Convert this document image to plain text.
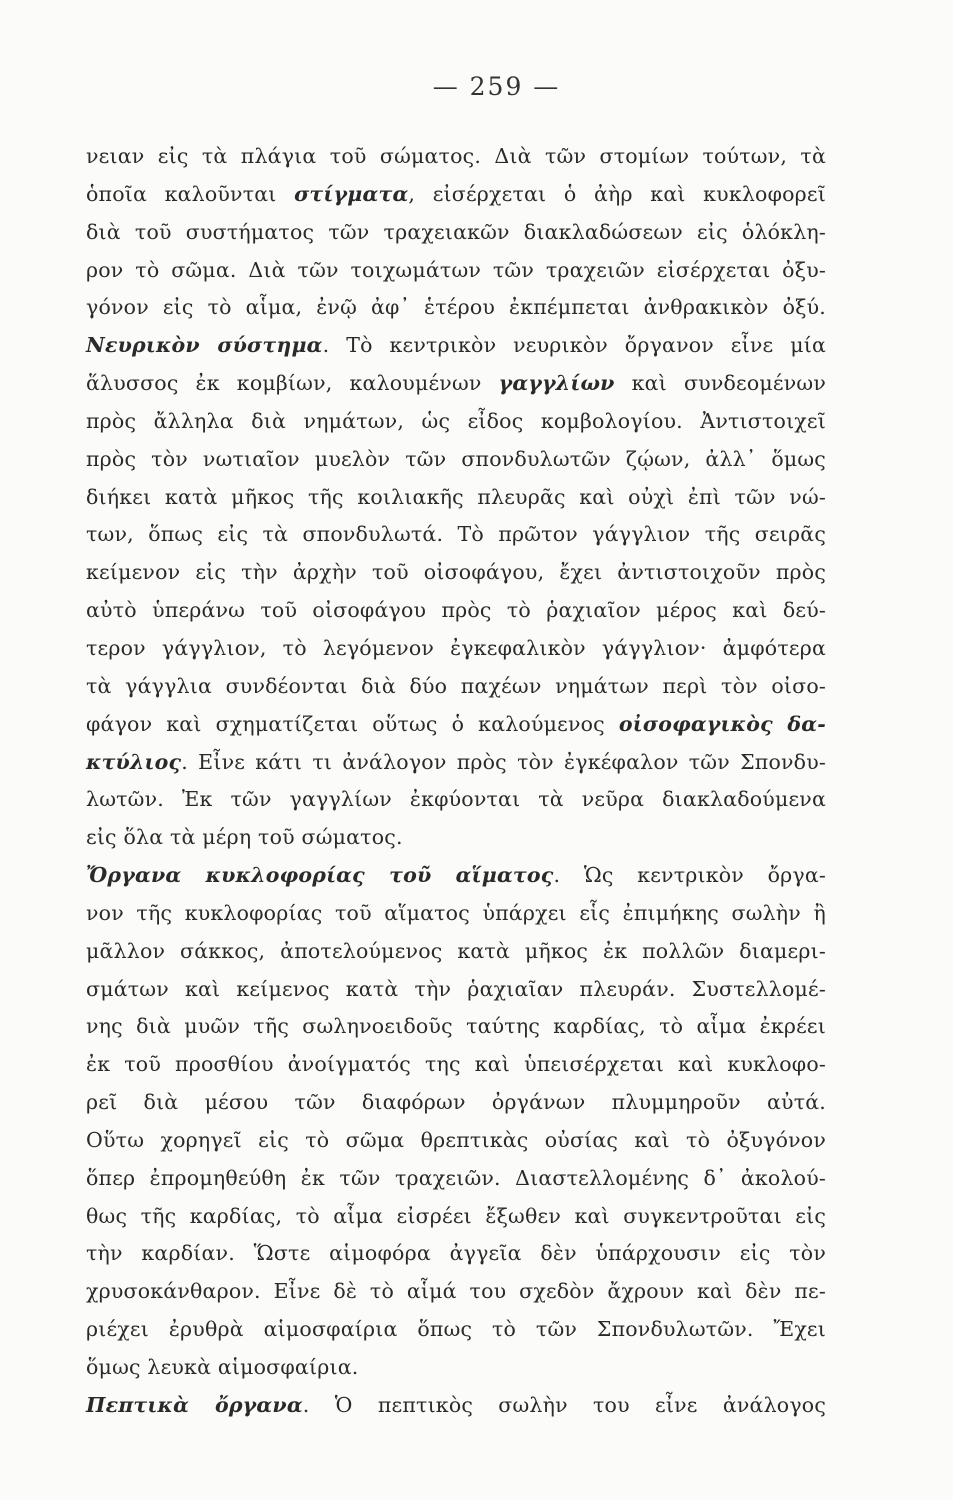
— 259 —
νειαν εἰς τὰ πλάγια τοῦ σώματος. Διὰ τῶν στομίων τούτων, τὰ
ὁποῖα καλοῦνται στίγματα, εἰσέρχεται ὁ ἀὴρ καὶ κυκλοφορεῖ
διὰ τοῦ συστήματος τῶν τραχειακῶν διακλαδώσεων εἰς ὁλόκλη-
ρον τὸ σῶμα. Διὰ τῶν τοιχωμάτων τῶν τραχειῶν εἰσέρχεται ὀξυ-
γόνον εἰς τὸ αἷμα, ἐνῷ ἀφ᾿ ἑτέρου ἐκπέμπεται ἀνθρακικὸν ὀξύ.
Νευρικὸν σύστημα. Τὸ κεντρικὸν νευρικὸν ὄργανον εἶνε μία
ἅλυσσος ἐκ κομβίων, καλουμένων γαγγλίων καὶ συνδεομένων
πρὸς ἄλληλα διὰ νημάτων, ὡς εἶδος κομβολογίου. Ἀντιστοιχεῖ
πρὸς τὸν νωτιαῖον μυελὸν τῶν σπονδυλωτῶν ζῴων, ἀλλ᾿ ὅμως
διήκει κατὰ μῆκος τῆς κοιλιακῆς πλευρᾶς καὶ οὐχὶ ἐπὶ τῶν νώ-
των, ὅπως εἰς τὰ σπονδυλωτά. Τὸ πρῶτον γάγγλιον τῆς σειρᾶς
κείμενον εἰς τὴν ἀρχὴν τοῦ οἰσοφάγου, ἔχει ἀντιστοιχοῦν πρὸς
αὐτὸ ὑπεράνω τοῦ οἰσοφάγου πρὸς τὸ ῥαχιαῖον μέρος καὶ δεύ-
τερον γάγγλιον, τὸ λεγόμενον ἐγκεφαλικὸν γάγγλιον· ἀμφότερα
τὰ γάγγλια συνδέονται διὰ δύο παχέων νημάτων περὶ τὸν οἰσο-
φάγον καὶ σχηματίζεται οὕτως ὁ καλούμενος οἰσοφαγικὸς δα-
κτύλιος. Εἶνε κάτι τι ἀνάλογον πρὸς τὸν ἐγκέφαλον τῶν Σπονδυ-
λωτῶν. Ἐκ τῶν γαγγλίων ἐκφύονται τὰ νεῦρα διακλαδούμενα
εἰς ὅλα τὰ μέρη τοῦ σώματος.
Ὄργανα κυκλοφορίας τοῦ αἵματος. Ὡς κεντρικὸν ὄργα-
νον τῆς κυκλοφορίας τοῦ αἵματος ὑπάρχει εἷς ἐπιμήκης σωλὴν ἢ
μᾶλλον σάκκος, ἀποτελούμενος κατὰ μῆκος ἐκ πολλῶν διαμερι-
σμάτων καὶ κείμενος κατὰ τὴν ῥαχιαῖαν πλευράν. Συστελλομέ-
νης διὰ μυῶν τῆς σωληνοειδοῦς ταύτης καρδίας, τὸ αἷμα ἐκρέει
ἐκ τοῦ προσθίου ἀνοίγματός της καὶ ὑπεισέρχεται καὶ κυκλοφο-
ρεῖ διὰ μέσου τῶν διαφόρων ὀργάνων πλυμμηροῦν αὐτά.
Οὕτω χορηγεῖ εἰς τὸ σῶμα θρεπτικὰς οὐσίας καὶ τὸ ὀξυγόνον
ὅπερ ἐπρομηθεύθη ἐκ τῶν τραχειῶν. Διαστελλομένης δ᾿ ἀκολού-
θως τῆς καρδίας, τὸ αἷμα εἰσρέει ἔξωθεν καὶ συγκεντροῦται εἰς
τὴν καρδίαν. Ὥστε αἱμοφόρα ἀγγεῖα δὲν ὑπάρχουσιν εἰς τὸν
χρυσοκάνθαρον. Εἶνε δὲ τὸ αἷμά του σχεδὸν ἄχρουν καὶ δὲν πε-
ριέχει ἐρυθρὰ αἱμοσφαίρια ὅπως τὸ τῶν Σπονδυλωτῶν. Ἔχει
ὅμως λευκὰ αἱμοσφαίρια.
Πεπτικὰ ὄργανα. Ὁ πεπτικὸς σωλὴν του εἶνε ἀνάλογος
